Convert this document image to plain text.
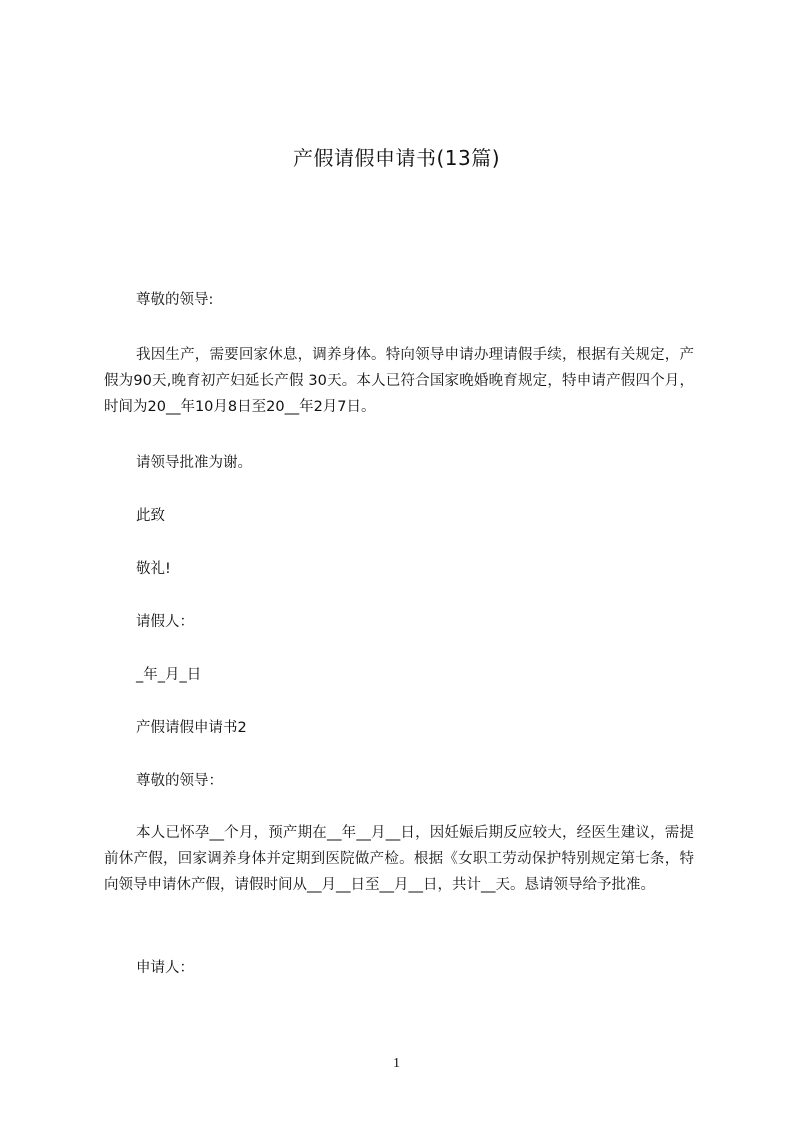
产假请假申请书(13篇)

尊敬的领导:

我因生产，需要回家休息，调养身体。特向领导申请办理请假手续，根据有关规定，产假为90天,晚育初产妇延长产假 30天。本人已符合国家晚婚晚育规定，特申请产假四个月，时间为20__年10月8日至20__年2月7日。

请领导批准为谢。

此致

敬礼!

请假人：

_年_月_日

产假请假申请书2

尊敬的领导：

本人已怀孕__个月，预产期在__年__月__日，因妊娠后期反应较大，经医生建议，需提前休产假，回家调养身体并定期到医院做产检。根据《女职工劳动保护特别规定第七条，特向领导申请休产假，请假时间从__月__日至__月__日，共计__天。恳请领导给予批准。

申请人：

1
